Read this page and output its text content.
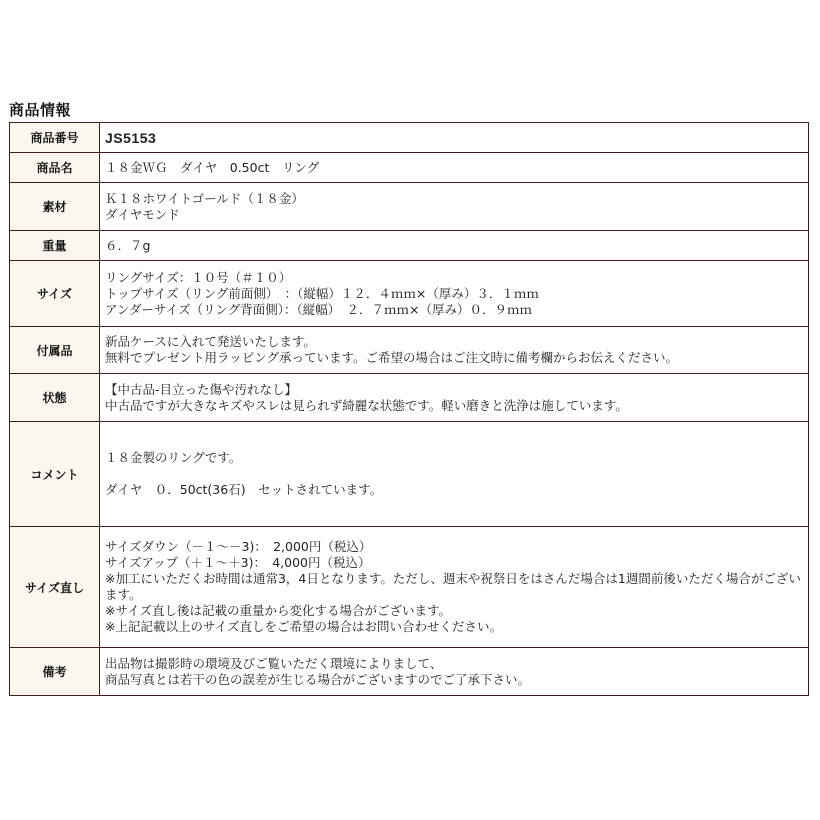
商品情報
商品番号	JS5153

商品名	１８金ＷＧ　ダイヤ　0.50ct　リング

素材	Ｋ１８ホワイトゴールド（１８金）
ダイヤモンド

重量	６．７g

サイズ	リングサイズ：１０号（＃１０）
トップサイズ（リング前面側）　：（縦幅）１２．４ｍｍ×（厚み）３．１ｍｍ
アンダーサイズ（リング背面側）：（縦幅）　２．７ｍｍ×（厚み）０．９ｍｍ

付属品	新品ケースに入れて発送いたします。
無料でプレゼント用ラッピング承っています。ご希望の場合はご注文時に備考欄からお伝えください。

状態	【中古品-目立った傷や汚れなし】
中古品ですが大きなキズやスレは見られず綺麗な状態です。軽い磨きと洗浄は施しています。

コメント	１８金製のリングです。
ダイヤ　０．50ct(36石)　セットされています。

サイズ直し	サイズダウン（－１～－3)：　2,000円（税込）
サイズアップ（＋１～＋3)：　4,000円（税込）
※加工にいただくお時間は通常3，4日となります。ただし、週末や祝祭日をはさんだ場合は1週間前後いただく場合がございます。
※サイズ直し後は記載の重量から変化する場合がございます。
※上記記載以上のサイズ直しをご希望の場合はお問い合わせください。

備考	出品物は撮影時の環境及びご覧いただく環境によりまして、
商品写真とは若干の色の誤差が生じる場合がございますのでご了承下さい。
